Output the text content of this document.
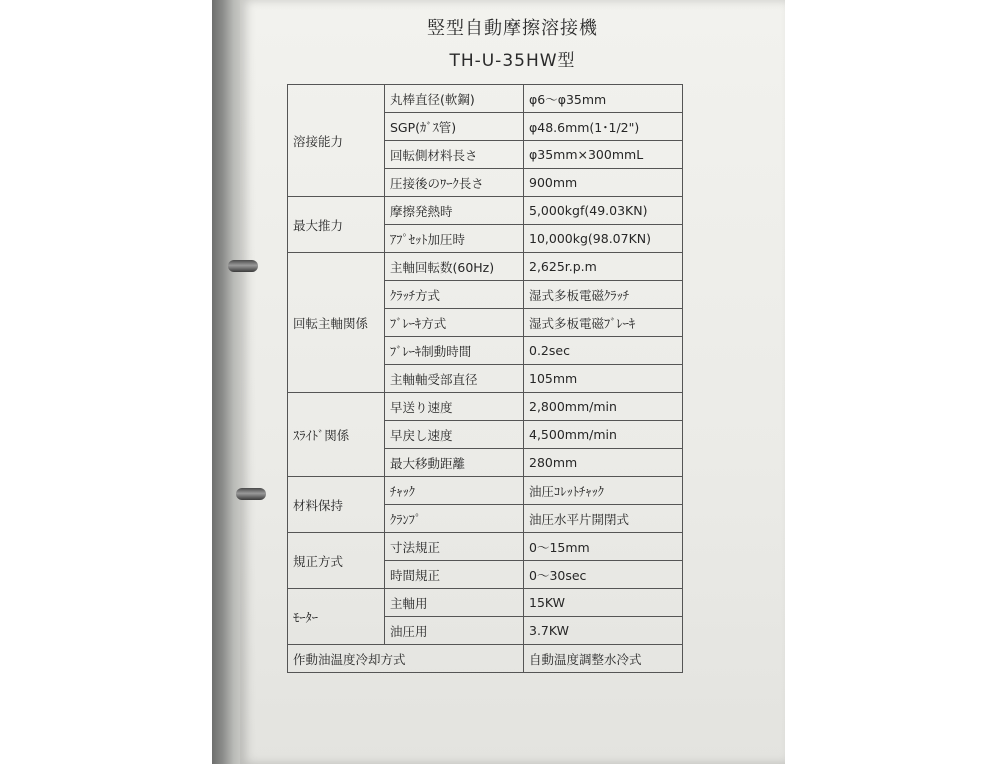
竪型自動摩擦溶接機
TH-U-35HW型
溶接能力	丸棒直径(軟鋼)	φ6～φ35mm
	SGP(ｶﾞｽ管)	φ48.6mm(1･1/2")
	回転側材料長さ	φ35mm×300mmL
	圧接後のﾜｰｸ長さ	900mm
最大推力	摩擦発熱時	5,000kgf(49.03KN)
	ｱﾌﾟｾｯﾄ加圧時	10,000kg(98.07KN)
回転主軸関係	主軸回転数(60Hz)	2,625r.p.m
	ｸﾗｯﾁ方式	湿式多板電磁ｸﾗｯﾁ
	ﾌﾞﾚｰｷ方式	湿式多板電磁ﾌﾞﾚｰｷ
	ﾌﾞﾚｰｷ制動時間	0.2sec
	主軸軸受部直径	105mm
ｽﾗｲﾄﾞ関係	早送り速度	2,800mm/min
	早戻し速度	4,500mm/min
	最大移動距離	280mm
材料保持	ﾁｬｯｸ	油圧ｺﾚｯﾄﾁｬｯｸ
	ｸﾗﾝﾌﾟ	油圧水平片開閉式
規正方式	寸法規正	0～15mm
	時間規正	0～30sec
ﾓｰﾀｰ	主軸用	15KW
	油圧用	3.7KW
作動油温度冷却方式		自動温度調整水冷式
